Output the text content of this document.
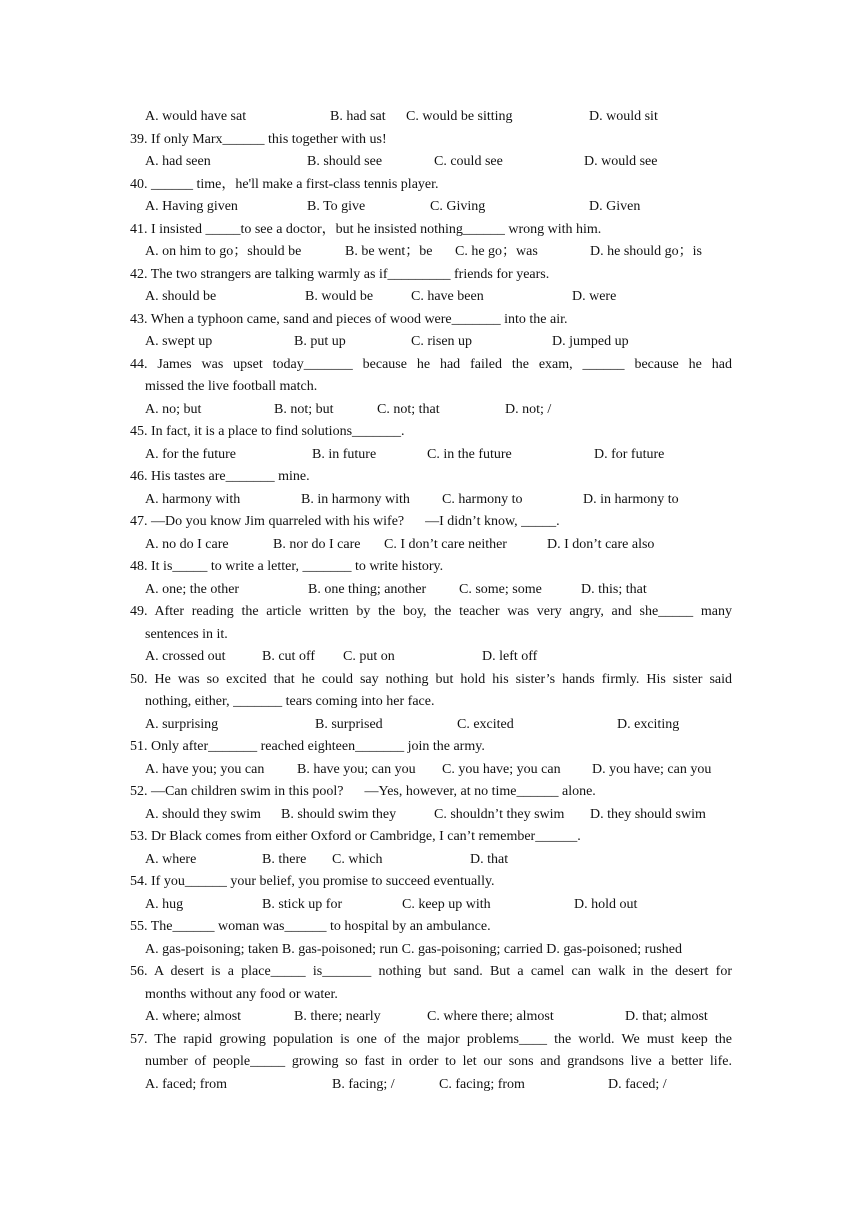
A. would have sat	B. had sat C. would be sitting	D. would sit
39. If only Marx______ this together with us!
A. had seen	B. should see	C. could see	D. would see
40. ______ time，he'll make a first-class tennis player.
A. Having given	B. To give	C. Giving	D. Given
41. I insisted _____to see a doctor，but he insisted nothing______ wrong with him.
A. on him to go；should be	B. be went；be C. he go；was	D. he should go；is
42. The two strangers are talking warmly as if_________ friends for years.
A. should be	B. would be	C. have been	D. were
43. When a typhoon came, sand and pieces of wood were_______ into the air.
A. swept up	B. put up	C. risen up	D. jumped up
44. James was upset today_______ because he had failed the exam, ______ because he had
missed the live football match.
A. no; but	B. not; but	C. not; that	D. not; /
45. In fact, it is a place to find solutions_______.
A. for the future	B. in future	C. in the future	D. for future
46. His tastes are_______ mine.
A. harmony with	B. in harmony with C. harmony to	D. in harmony to
47. —Do you know Jim quarreled with his wife?      —I didn’t know, _____.
A. no do I care	B. nor do I care C. I don’t care neither	D. I don’t care also
48. It is_____ to write a letter, _______ to write history.
A. one; the other	B. one thing; another C. some; some	D. this; that
49. After reading the article written by the boy, the teacher was very angry, and she_____ many
sentences in it.
A. crossed out	B. cut off C. put on	D. left off
50. He was so excited that he could say nothing but hold his sister’s hands firmly. His sister said
nothing, either, _______ tears coming into her face.
A. surprising	B. surprised	C. excited	D. exciting
51. Only after_______ reached eighteen_______ join the army.
A. have you; you can B. have you; can you C. you have; you can D. you have; can you
52. —Can children swim in this pool?      —Yes, however, at no time______ alone.
A. should they swim B. should swim they	C. shouldn’t they swim D. they should swim
53. Dr Black comes from either Oxford or Cambridge, I can’t remember______.
A. where	B. there C. which	D. that
54. If you______ your belief, you promise to succeed eventually.
A. hug	B. stick up for	C. keep up with	D. hold out
55. The______ woman was______ to hospital by an ambulance.
A. gas-poisoning; taken B. gas-poisoned; run C. gas-poisoning; carried D. gas-poisoned; rushed
56. A desert is a place_____ is_______ nothing but sand. But a camel can walk in the desert for
months without any food or water.
A. where; almost	B. there; nearly	C. where there; almost	D. that; almost
57. The rapid growing population is one of the major problems____ the world. We must keep the
number of people_____ growing so fast in order to let our sons and grandsons live a better life.
A. faced; from	B. facing; /	C. facing; from	D. faced; /
